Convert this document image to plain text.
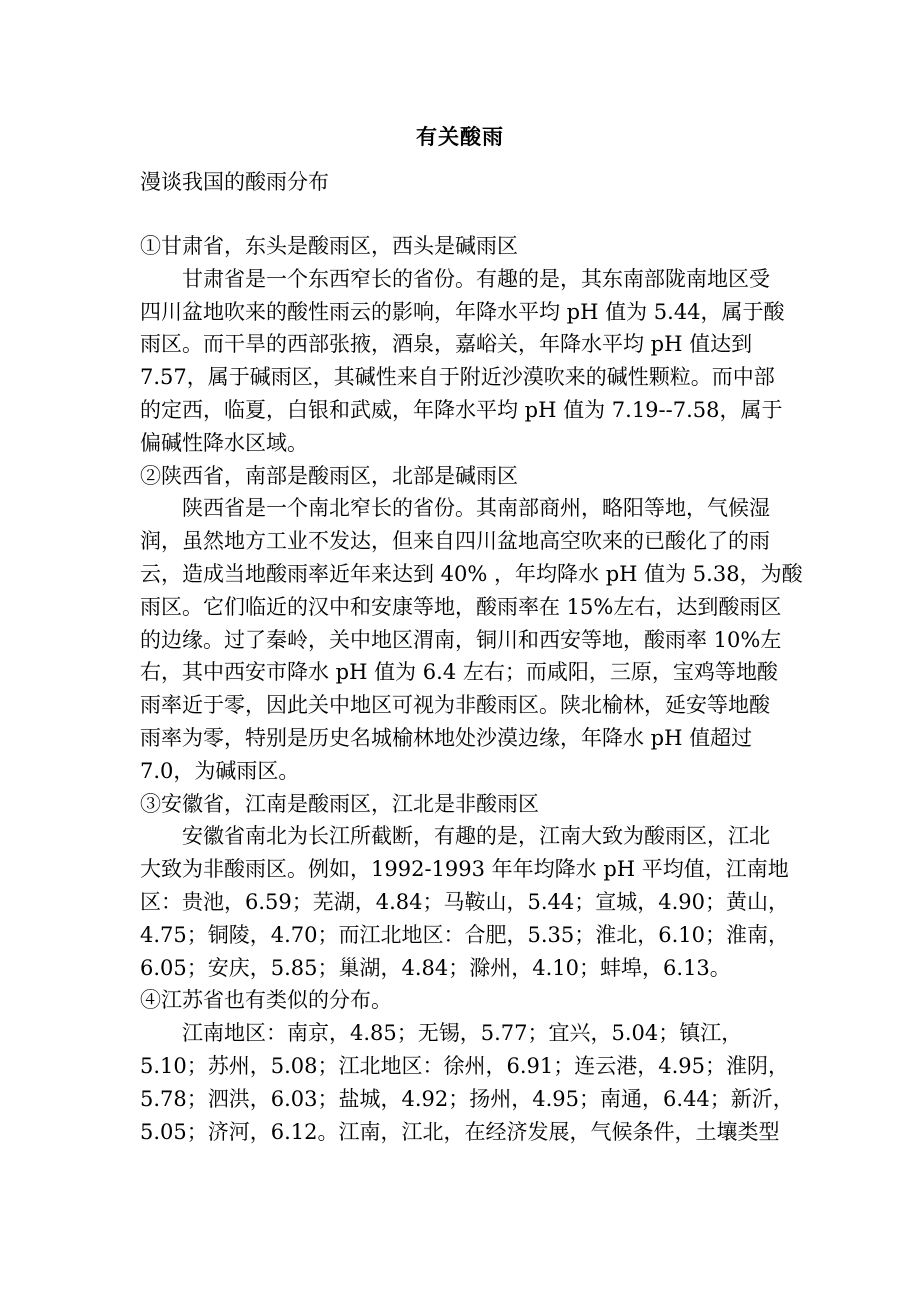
有关酸雨
漫谈我国的酸雨分布
①甘肃省，东头是酸雨区，西头是碱雨区
甘肃省是一个东西窄长的省份。有趣的是，其东南部陇南地区受
四川盆地吹来的酸性雨云的影响，年降水平均 pH 值为 5.44，属于酸
雨区。而干旱的西部张掖，酒泉，嘉峪关，年降水平均 pH 值达到
7.57，属于碱雨区，其碱性来自于附近沙漠吹来的碱性颗粒。而中部
的定西，临夏，白银和武威，年降水平均 pH 值为 7.19--7.58，属于
偏碱性降水区域。
②陕西省，南部是酸雨区，北部是碱雨区
陕西省是一个南北窄长的省份。其南部商州，略阳等地，气候湿
润，虽然地方工业不发达，但来自四川盆地高空吹来的已酸化了的雨
云，造成当地酸雨率近年来达到 40% ，年均降水 pH 值为 5.38，为酸
雨区。它们临近的汉中和安康等地，酸雨率在 15%左右，达到酸雨区
的边缘。过了秦岭，关中地区渭南，铜川和西安等地，酸雨率 10%左
右，其中西安市降水 pH 值为 6.4 左右；而咸阳，三原，宝鸡等地酸
雨率近于零，因此关中地区可视为非酸雨区。陕北榆林，延安等地酸
雨率为零，特别是历史名城榆林地处沙漠边缘，年降水 pH 值超过
7.0，为碱雨区。
③安徽省，江南是酸雨区，江北是非酸雨区
安徽省南北为长江所截断，有趣的是，江南大致为酸雨区，江北
大致为非酸雨区。例如，1992-1993 年年均降水 pH 平均值，江南地
区：贵池，6.59；芜湖，4.84；马鞍山，5.44；宣城，4.90；黄山，
4.75；铜陵，4.70；而江北地区：合肥，5.35；淮北，6.10；淮南，
6.05；安庆，5.85；巢湖，4.84；滁州，4.10；蚌埠，6.13。
④江苏省也有类似的分布。
江南地区：南京，4.85；无锡，5.77；宜兴，5.04；镇江，
5.10；苏州，5.08；江北地区：徐州，6.91；连云港，4.95；淮阴，
5.78；泗洪，6.03；盐城，4.92；扬州，4.95；南通，6.44；新沂，
5.05；济河，6.12。江南，江北，在经济发展，气候条件，土壤类型
